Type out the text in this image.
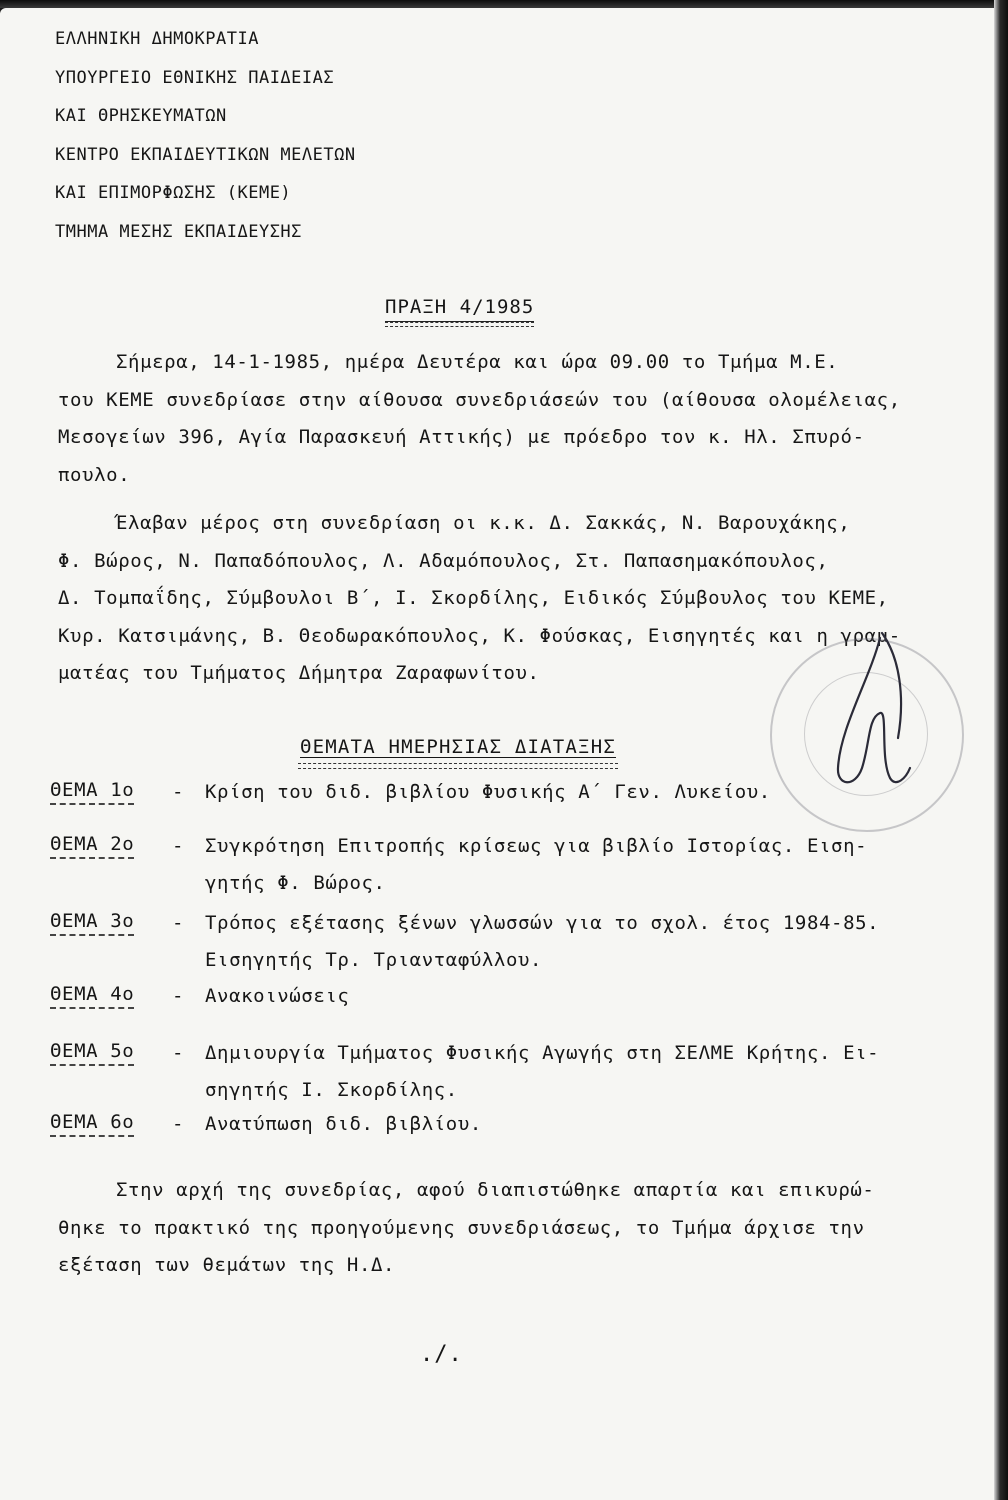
ΕΛΛΗΝΙΚΗ ΔΗΜΟΚΡΑΤΙΑ
ΥΠΟΥΡΓΕΙΟ ΕΘΝΙΚΗΣ ΠΑΙΔΕΙΑΣ
ΚΑΙ ΘΡΗΣΚΕΥΜΑΤΩΝ
ΚΕΝΤΡΟ ΕΚΠΑΙΔΕΥΤΙΚΩΝ ΜΕΛΕΤΩΝ
ΚΑΙ ΕΠΙΜΟΡΦΩΣΗΣ (ΚΕΜΕ)
ΤΜΗΜΑ ΜΕΣΗΣ ΕΚΠΑΙΔΕΥΣΗΣ
ΠΡΑΞΗ 4/1985
Σήμερα, 14-1-1985, ημέρα Δευτέρα και ώρα 09.00 το Τμήμα Μ.Ε.
του ΚΕΜΕ συνεδρίασε στην αίθουσα συνεδριάσεών του (αίθουσα ολομέλειας,
Μεσογείων 396, Αγία Παρασκευή Αττικής) με πρόεδρο τον κ. Ηλ. Σπυρό-
πουλο.
Έλαβαν μέρος στη συνεδρίαση οι κ.κ. Δ. Σακκάς, Ν. Βαρουχάκης,
Φ. Βώρος, Ν. Παπαδόπουλος, Λ. Αδαμόπουλος, Στ. Παπασημακόπουλος,
Δ. Τομπαΐδης, Σύμβουλοι Β΄, Ι. Σκορδίλης, Ειδικός Σύμβουλος του ΚΕΜΕ,
Κυρ. Κατσιμάνης, Β. Θεοδωρακόπουλος, Κ. Φούσκας, Εισηγητές και η γραμ-
ματέας του Τμήματος Δήμητρα Ζαραφωνίτου.
ΘΕΜΑΤΑ ΗΜΕΡΗΣΙΑΣ ΔΙΑΤΑΞΗΣ
ΘΕΜΑ 1ο - Κρίση του διδ. βιβλίου Φυσικής Α΄ Γεν. Λυκείου.
ΘΕΜΑ 2ο - Συγκρότηση Επιτροπής κρίσεως για βιβλίο Ιστορίας. Ειση-
γητής Φ. Βώρος.
ΘΕΜΑ 3ο - Τρόπος εξέτασης ξένων γλωσσών για το σχολ. έτος 1984-85.
Εισηγητής Τρ. Τριανταφύλλου.
ΘΕΜΑ 4ο - Ανακοινώσεις
ΘΕΜΑ 5ο - Δημιουργία Τμήματος Φυσικής Αγωγής στη ΣΕΛΜΕ Κρήτης. Ει-
σηγητής Ι. Σκορδίλης.
ΘΕΜΑ 6ο - Ανατύπωση διδ. βιβλίου.
Στην αρχή της συνεδρίας, αφού διαπιστώθηκε απαρτία και επικυρώ-
θηκε το πρακτικό της προηγούμενης συνεδριάσεως, το Τμήμα άρχισε την
εξέταση των θεμάτων της Η.Δ.
./.
